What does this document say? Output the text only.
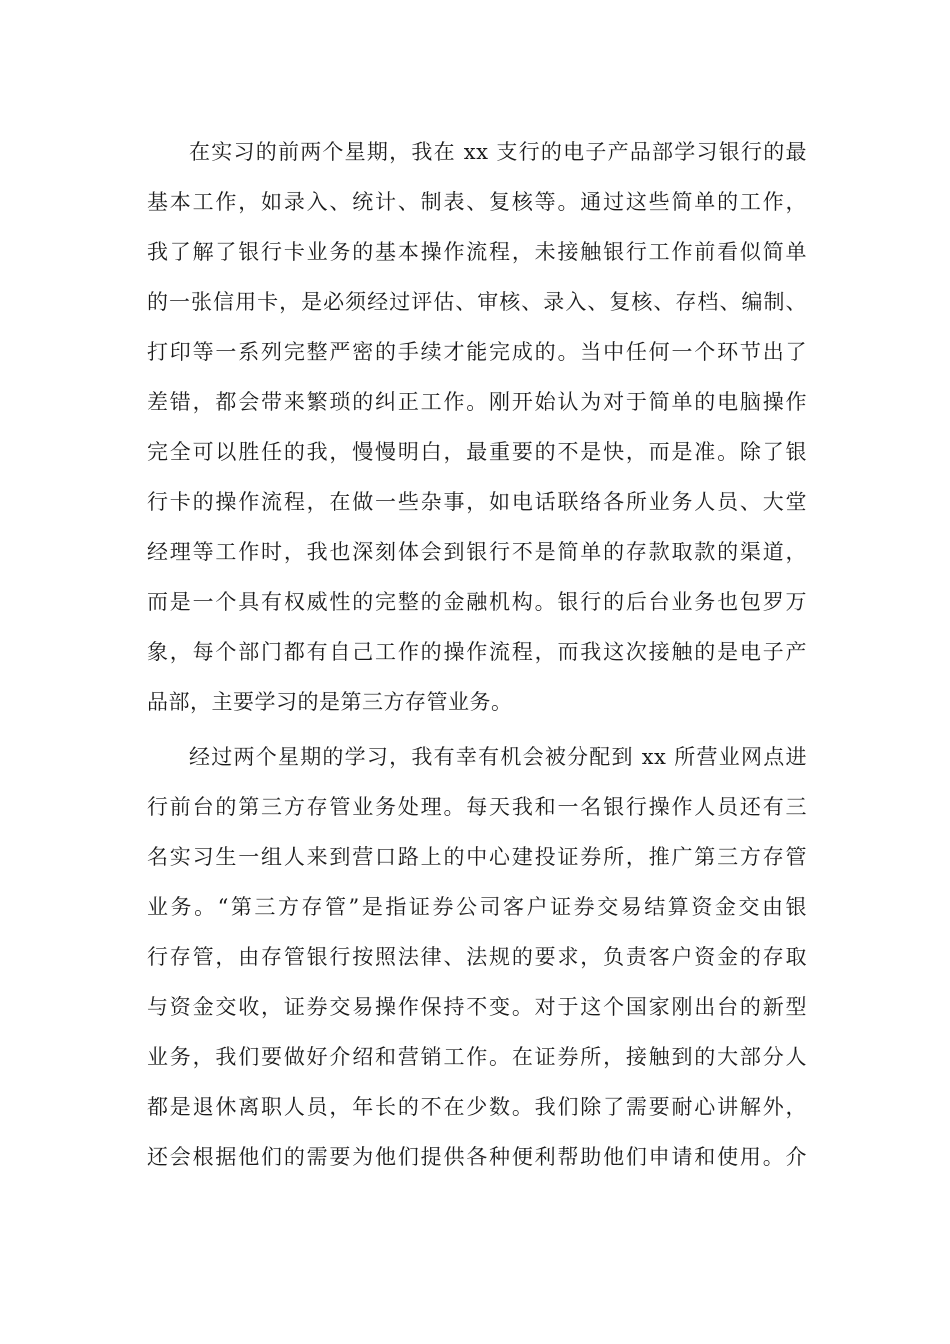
在实习的前两个星期，我在 xx 支行的电子产品部学习银行的最
基本工作，如录入、统计、制表、复核等。通过这些简单的工作，
我了解了银行卡业务的基本操作流程，未接触银行工作前看似简单
的一张信用卡，是必须经过评估、审核、录入、复核、存档、编制、
打印等一系列完整严密的手续才能完成的。当中任何一个环节出了
差错，都会带来繁琐的纠正工作。刚开始认为对于简单的电脑操作
完全可以胜任的我，慢慢明白，最重要的不是快，而是准。除了银
行卡的操作流程，在做一些杂事，如电话联络各所业务人员、大堂
经理等工作时，我也深刻体会到银行不是简单的存款取款的渠道，
而是一个具有权威性的完整的金融机构。银行的后台业务也包罗万
象，每个部门都有自己工作的操作流程，而我这次接触的是电子产
品部，主要学习的是第三方存管业务。
经过两个星期的学习，我有幸有机会被分配到 xx 所营业网点进
行前台的第三方存管业务处理。每天我和一名银行操作人员还有三
名实习生一组人来到营口路上的中心建投证券所，推广第三方存管
业务。“第三方存管”是指证券公司客户证券交易结算资金交由银
行存管，由存管银行按照法律、法规的要求，负责客户资金的存取
与资金交收，证券交易操作保持不变。对于这个国家刚出台的新型
业务，我们要做好介绍和营销工作。在证券所，接触到的大部分人
都是退休离职人员，年长的不在少数。我们除了需要耐心讲解外，
还会根据他们的需要为他们提供各种便利帮助他们申请和使用。介
